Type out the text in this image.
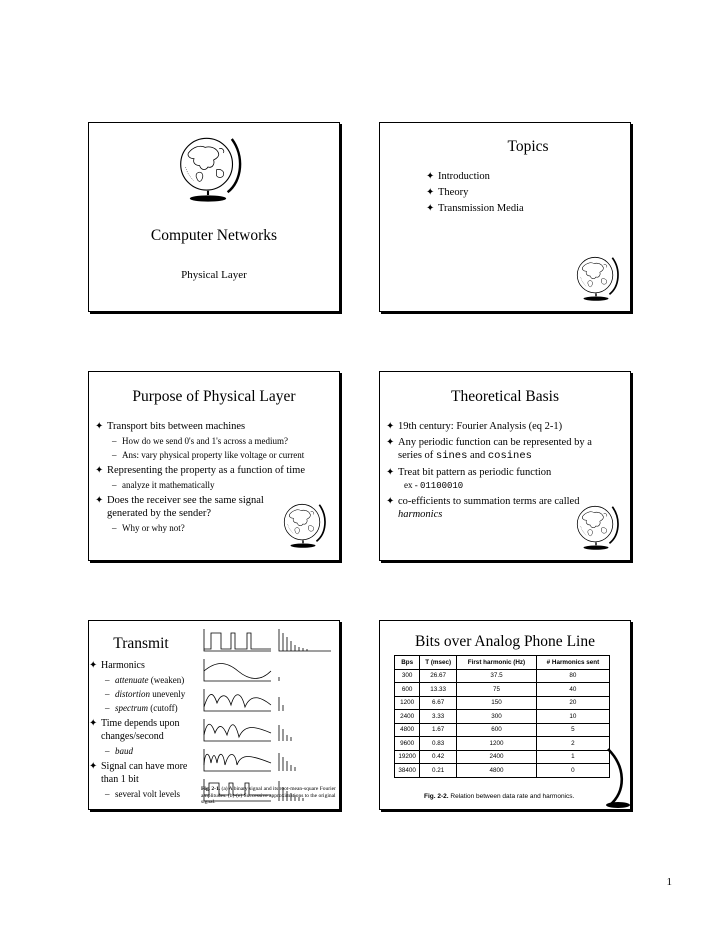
Computer Networks
Physical Layer
Topics
✦ Introduction
✦ Theory
✦ Transmission Media
Purpose of Physical Layer
✦ Transport bits between machines
– How do we send 0's and 1's across a medium?
– Ans: vary physical property like voltage or current
✦ Representing the property as a function of time
– analyze it mathematically
✦ Does the receiver see the same signal generated by the sender?
– Why or why not?
Theoretical Basis
✦ 19th century: Fourier Analysis (eq 2-1)
✦ Any periodic function can be represented by a series of sines and cosines
✦ Treat bit pattern as periodic function
ex - 01100010
✦ co-efficients to summation terms are called harmonics
Transmit
✦ Harmonics
– attenuate (weaken)
– distortion unevenly
– spectrum (cutoff)
✦ Time depends upon changes/second
– baud
✦ Signal can have more than 1 bit
– several volt levels	Fig. 2-1. (a) A binary signal and its root-mean-square Fourier amplitudes. (b)-(e) Successive approximations to the original signal.
Bits over Analog Phone Line
Bps	T (msec)	First harmonic (Hz)	# Harmonics sent
300	26.67	37.5	80
600	13.33	75	40
1200	6.67	150	20
2400	3.33	300	10
4800	1.67	600	5
9600	0.83	1200	2
19200	0.42	2400	1
38400	0.21	4800	0
Fig. 2-2. Relation between data rate and harmonics.
1
